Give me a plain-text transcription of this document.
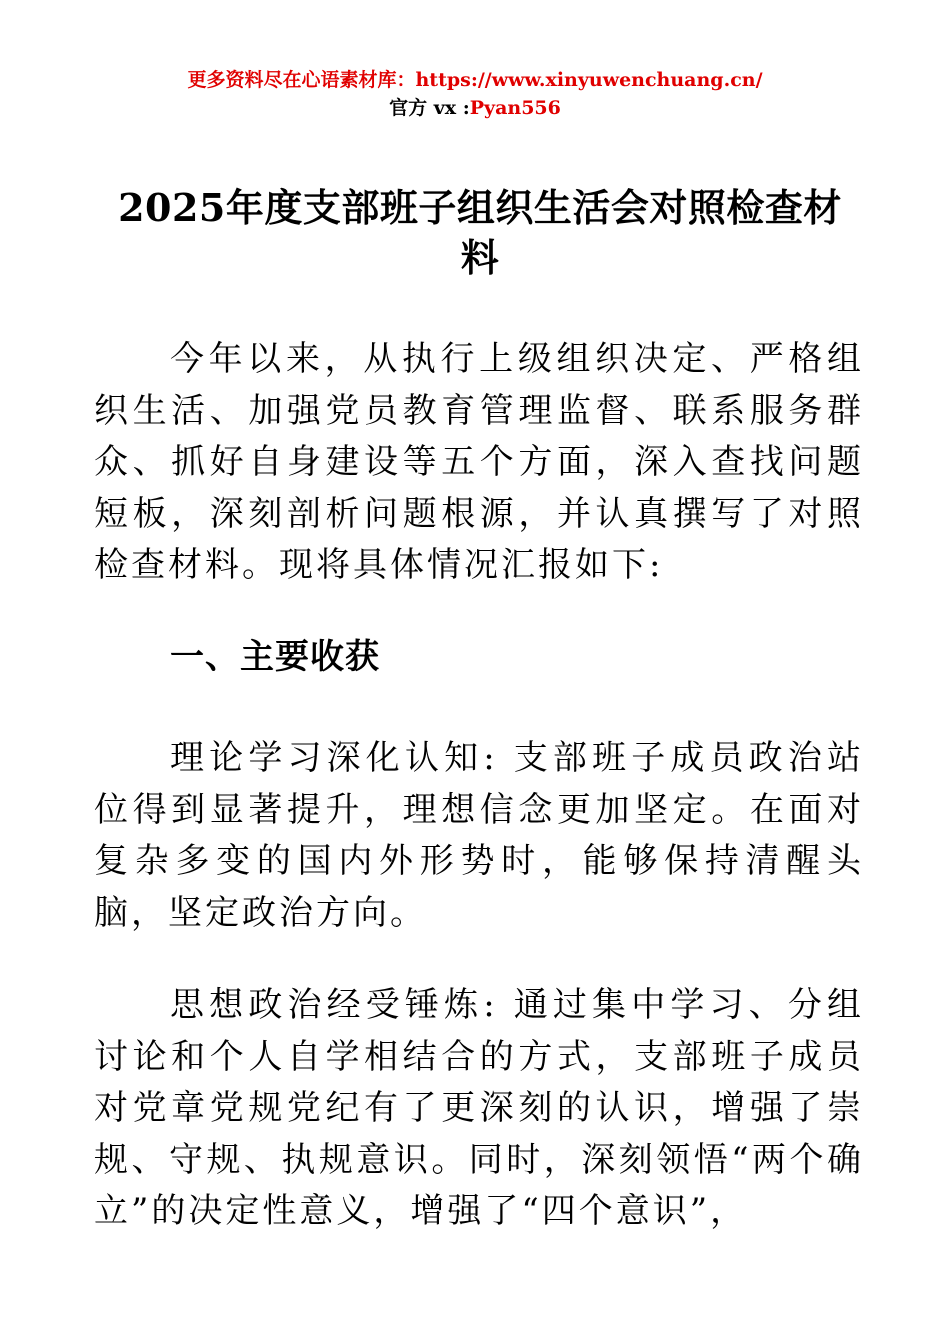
更多资料尽在心语素材库：https://www.xinyuwenchuang.cn/
官方 vx :Pyan556
2025年度支部班子组织生活会对照检查材料

今年以来，从执行上级组织决定、严格组织生活、加强党员教育管理监督、联系服务群众、抓好自身建设等五个方面，深入查找问题短板，深刻剖析问题根源，并认真撰写了对照检查材料。现将具体情况汇报如下:

一、主要收获

理论学习深化认知: 支部班子成员政治站位得到显著提升，理想信念更加坚定。在面对复杂多变的国内外形势时，能够保持清醒头脑，坚定政治方向。

思想政治经受锤炼: 通过集中学习、分组讨论和个人自学相结合的方式，支部班子成员对党章党规党纪有了更深刻的认识，增强了崇规、守规、执规意识。同时，深刻领悟“两个确立”的决定性意义，增强了“四个意识”，
